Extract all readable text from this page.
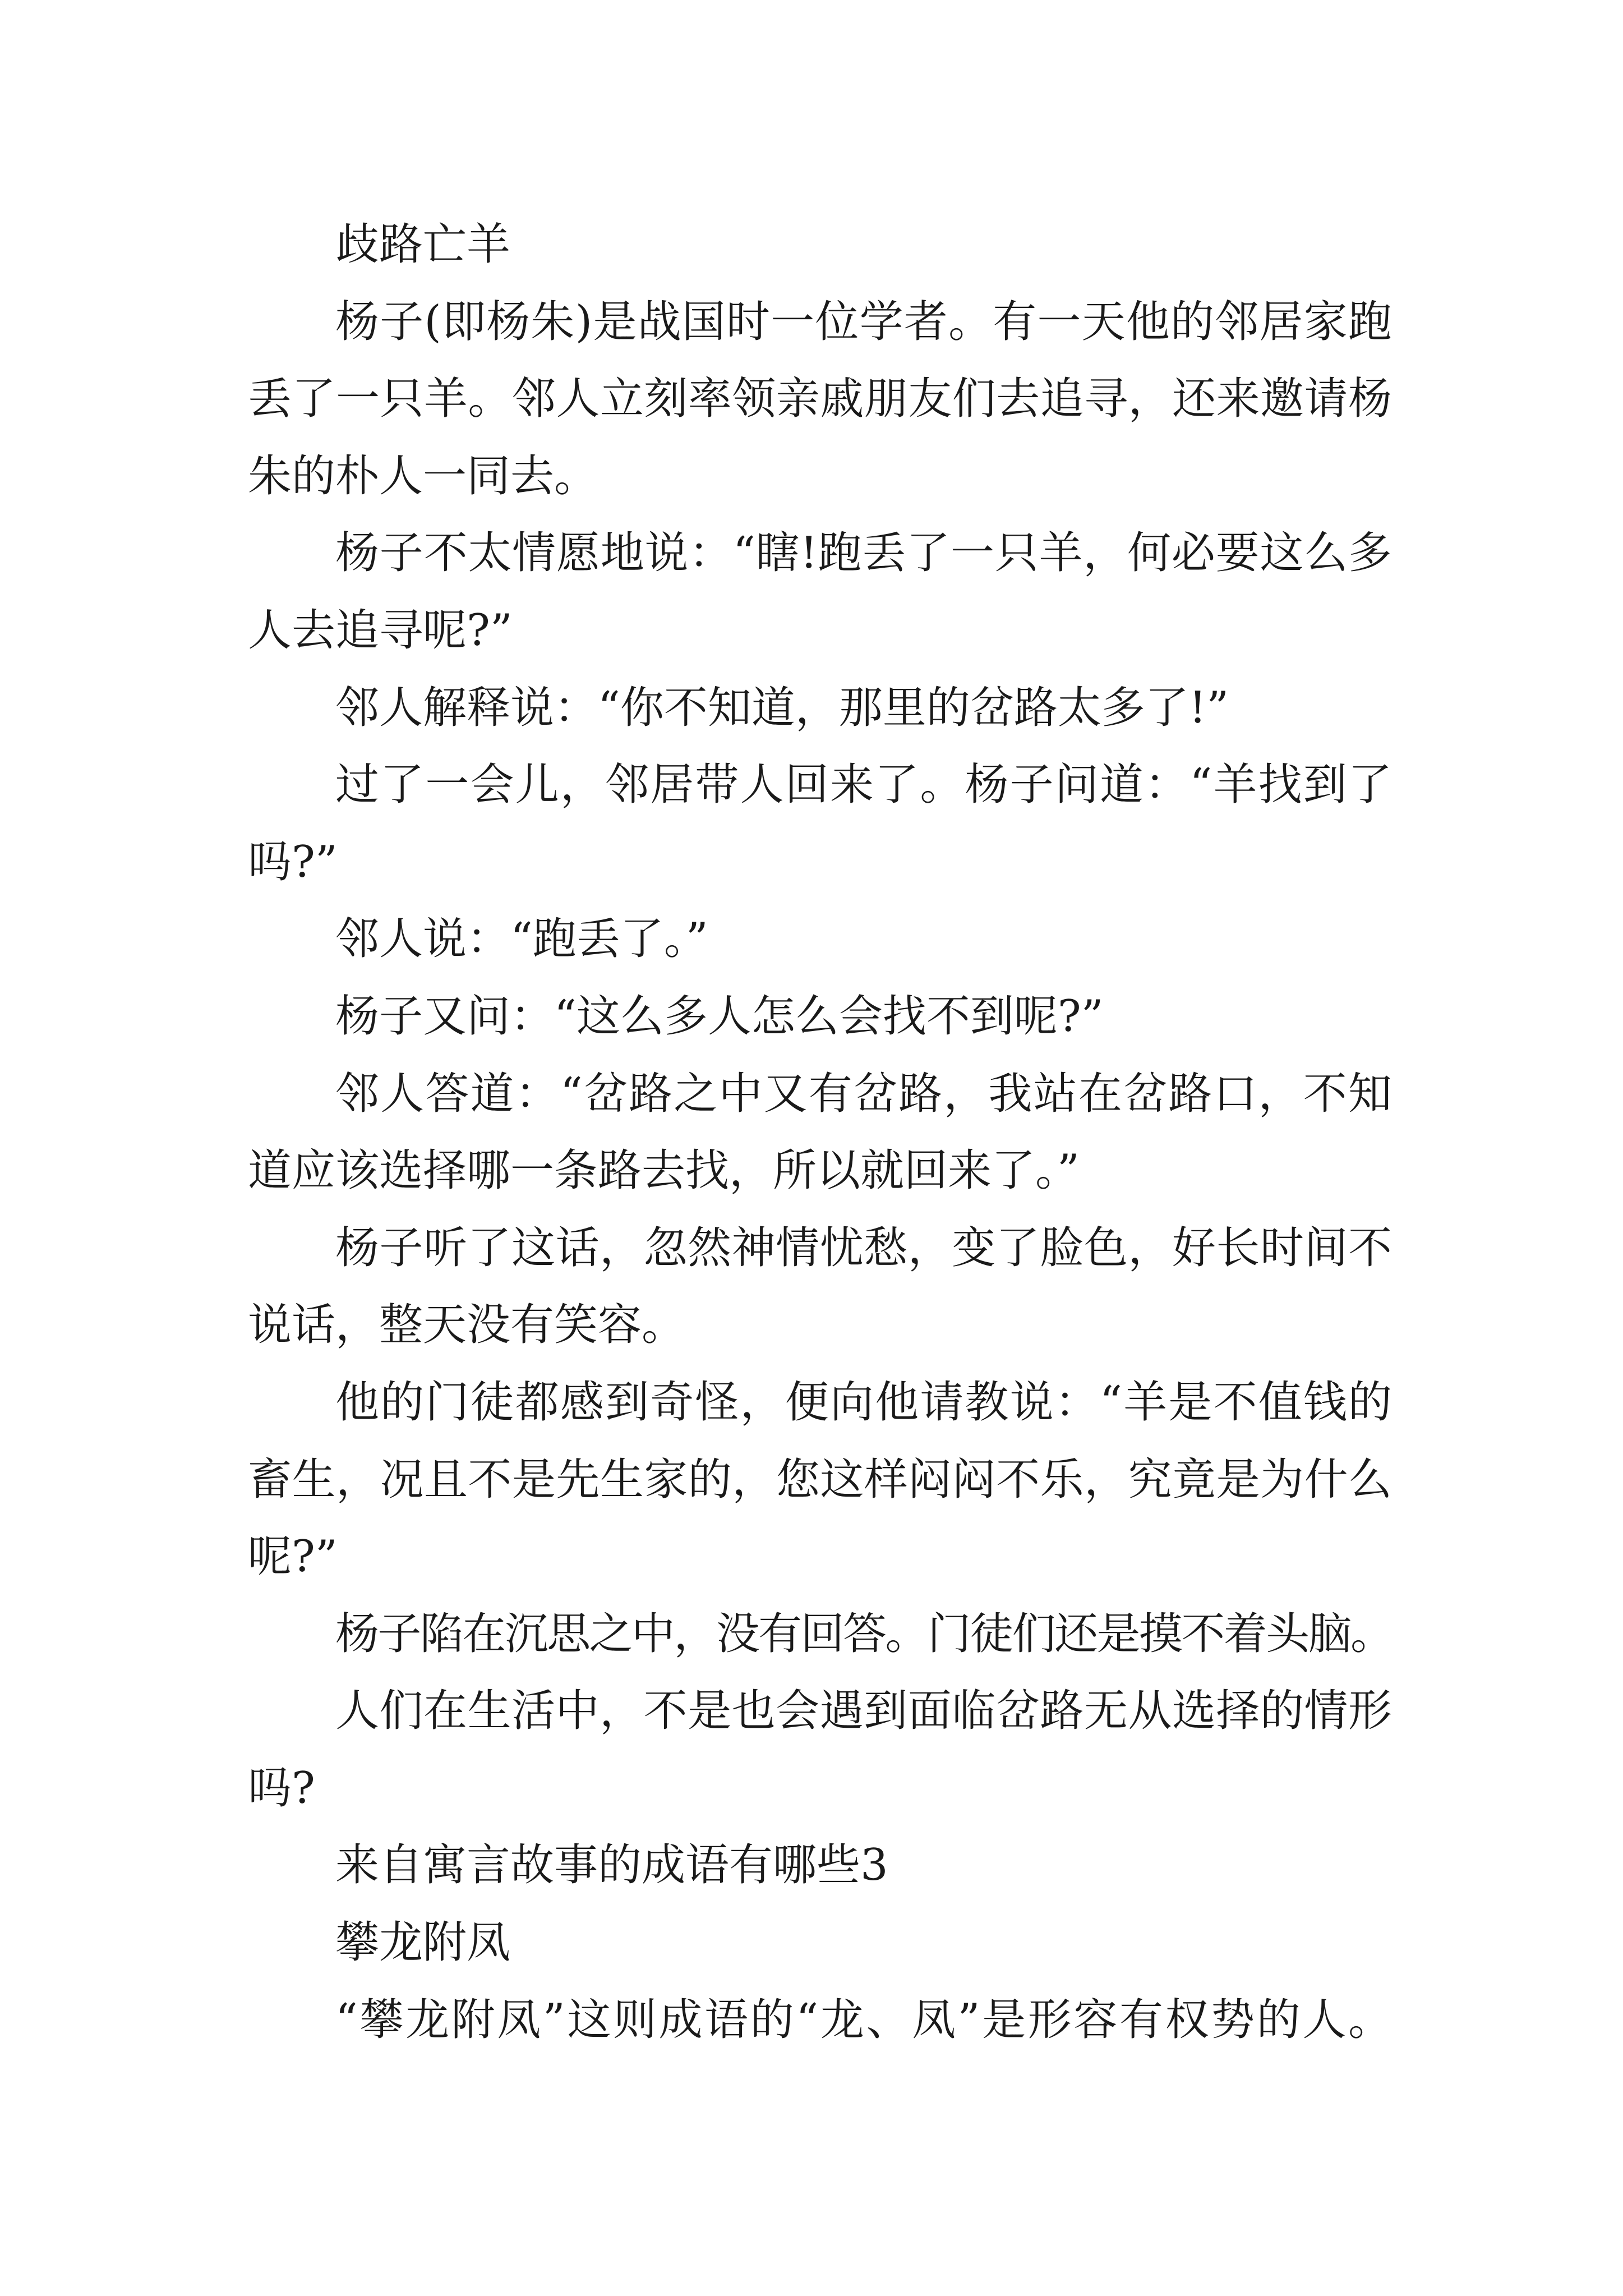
歧路亡羊
杨子(即杨朱)是战国时一位学者。有一天他的邻居家跑
丢了一只羊。邻人立刻率领亲戚朋友们去追寻，还来邀请杨
朱的朴人一同去。
杨子不太情愿地说：“瞎!跑丢了一只羊，何必要这么多
人去追寻呢?”
邻人解释说：“你不知道，那里的岔路太多了!”
过了一会儿，邻居带人回来了。杨子问道：“羊找到了
吗?”
邻人说：“跑丢了。”
杨子又问：“这么多人怎么会找不到呢?”
邻人答道：“岔路之中又有岔路，我站在岔路口，不知
道应该选择哪一条路去找，所以就回来了。”
杨子听了这话，忽然神情忧愁，变了脸色，好长时间不
说话，整天没有笑容。
他的门徒都感到奇怪，便向他请教说：“羊是不值钱的
畜生，况且不是先生家的，您这样闷闷不乐，究竟是为什么
呢?”
杨子陷在沉思之中，没有回答。门徒们还是摸不着头脑。
人们在生活中，不是也会遇到面临岔路无从选择的情形
吗?
来自寓言故事的成语有哪些3
攀龙附凤
“攀龙附凤”这则成语的“龙、凤”是形容有权势的人。
